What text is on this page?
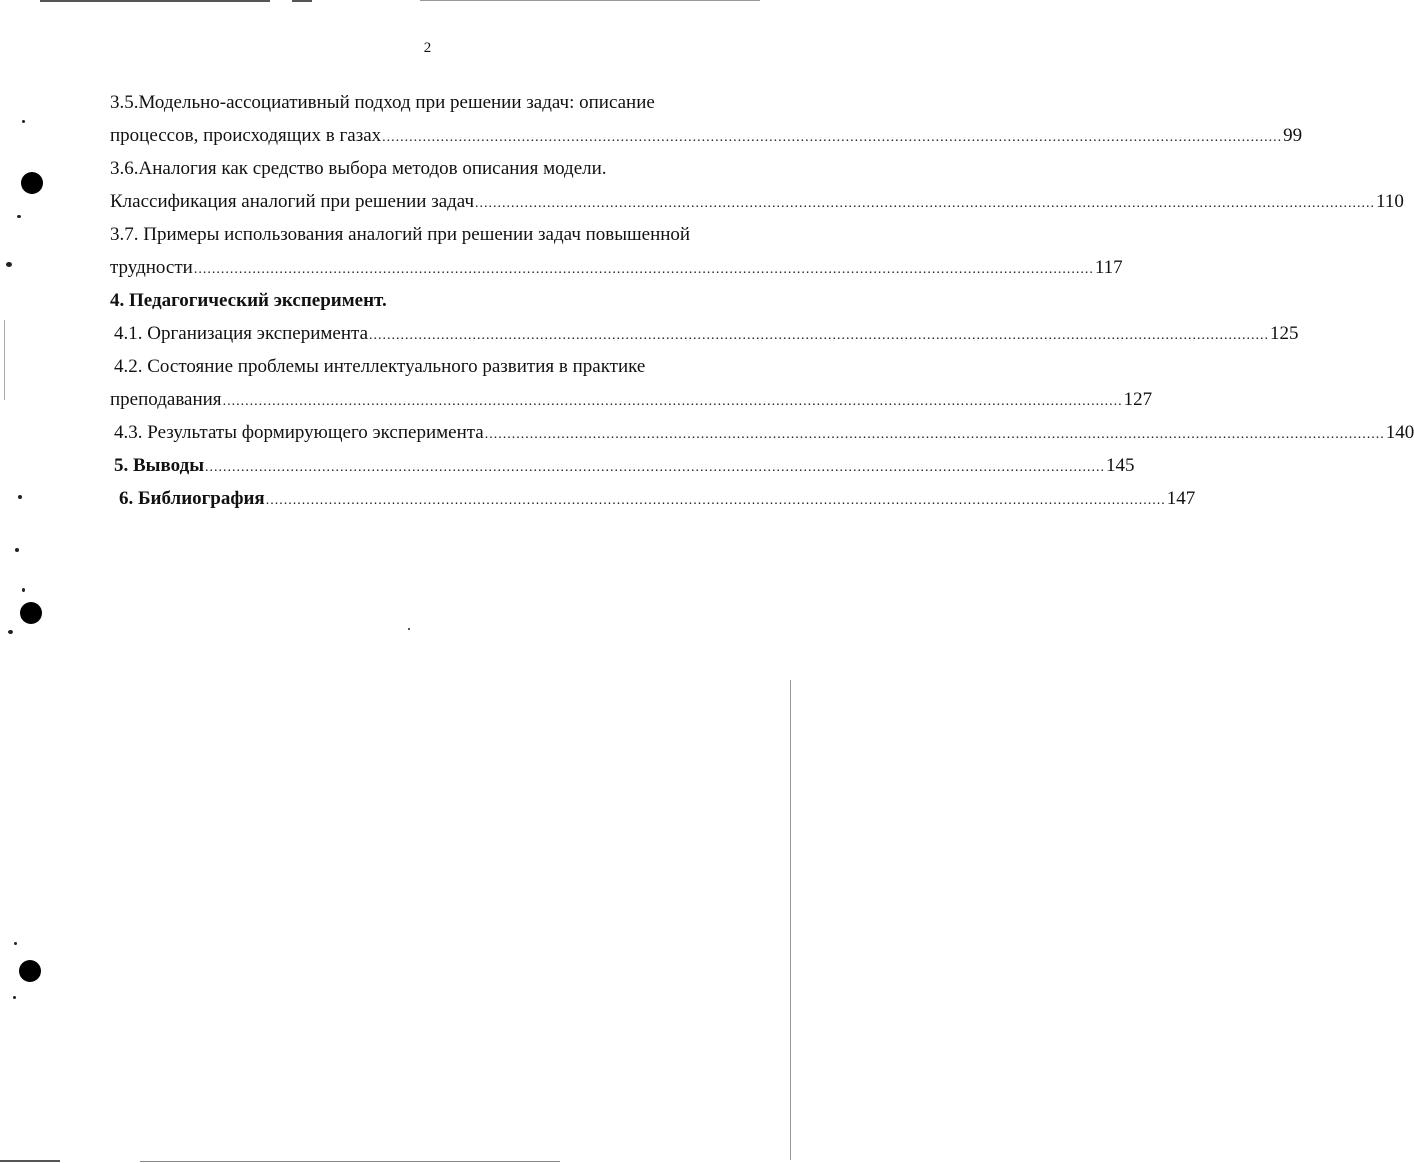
2
3.5.Модельно-ассоциативный подход при решении задач: описание
процессов, происходящих в газах ........................................................................................................................................................................................................ 99
3.6.Аналогия как средство выбора методов описания модели.
Классификация аналогий при решении задач ........................................................................................................................................................................................................ 110
3.7. Примеры использования аналогий при решении задач повышенной
трудности ........................................................................................................................................................................................................ 117
4. Педагогический эксперимент.
4.1. Организация эксперимента ........................................................................................................................................................................................................ 125
4.2. Состояние проблемы интеллектуального развития в практике
преподавания ........................................................................................................................................................................................................ 127
4.3. Результаты формирующего эксперимента ........................................................................................................................................................................................................ 140
5. Выводы ........................................................................................................................................................................................................ 145
6. Библиография ........................................................................................................................................................................................................ 147
